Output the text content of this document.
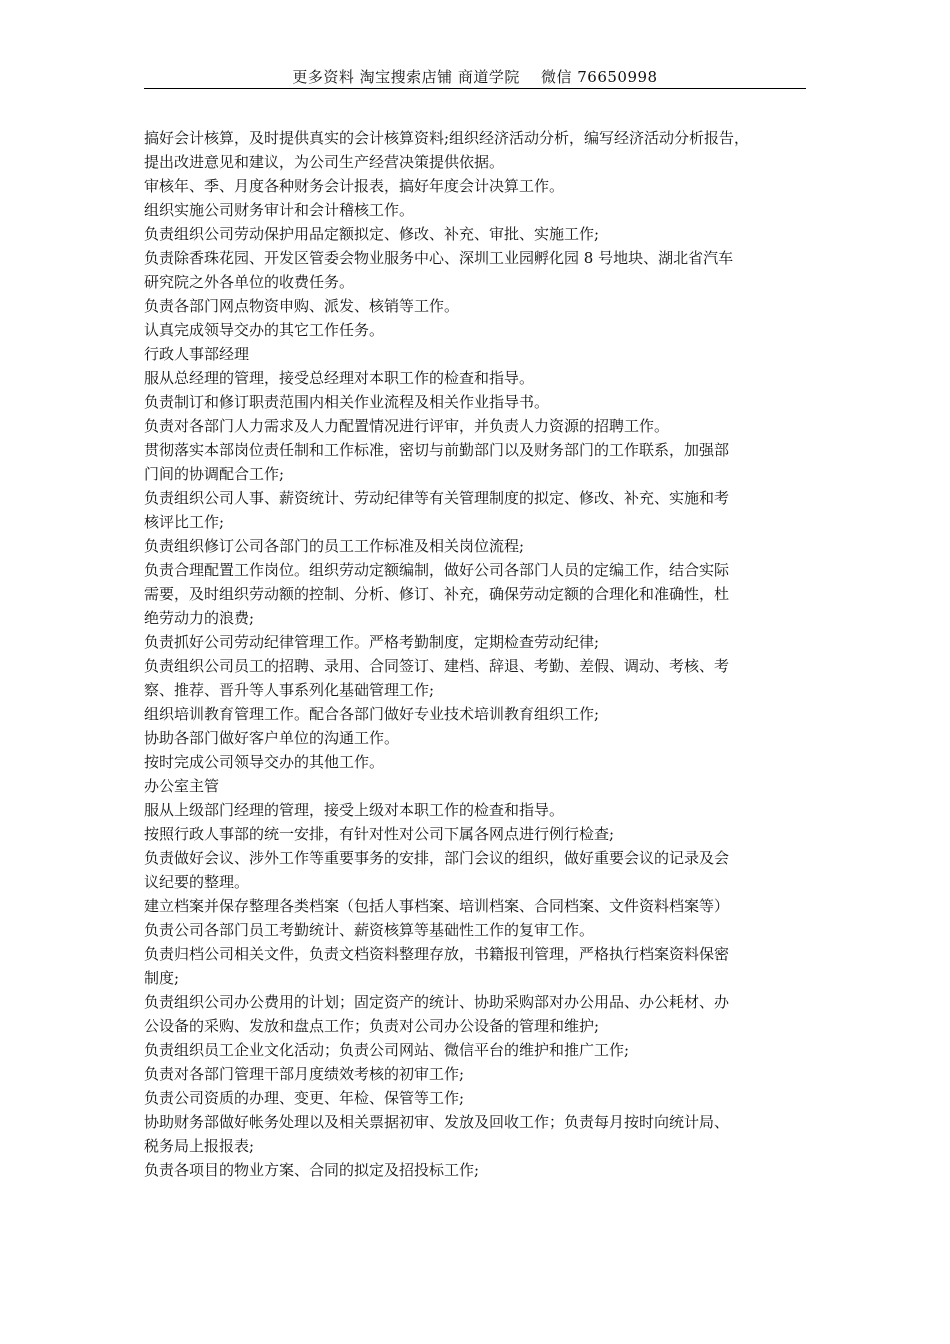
更多资料 淘宝搜索店铺 商道学院    微信 76650998
搞好会计核算，及时提供真实的会计核算资料;组织经济活动分析，编写经济活动分析报告，
提出改进意见和建议，为公司生产经营决策提供依据。
审核年、季、月度各种财务会计报表，搞好年度会计决算工作。
组织实施公司财务审计和会计稽核工作。
负责组织公司劳动保护用品定额拟定、修改、补充、审批、实施工作;
负责除香珠花园、开发区管委会物业服务中心、深圳工业园孵化园 8 号地块、湖北省汽车
研究院之外各单位的收费任务。
负责各部门网点物资申购、派发、核销等工作。
认真完成领导交办的其它工作任务。
行政人事部经理
服从总经理的管理，接受总经理对本职工作的检查和指导。
负责制订和修订职责范围内相关作业流程及相关作业指导书。
负责对各部门人力需求及人力配置情况进行评审，并负责人力资源的招聘工作。
贯彻落实本部岗位责任制和工作标准，密切与前勤部门以及财务部门的工作联系，加强部
门间的协调配合工作;
负责组织公司人事、薪资统计、劳动纪律等有关管理制度的拟定、修改、补充、实施和考
核评比工作;
负责组织修订公司各部门的员工工作标准及相关岗位流程;
负责合理配置工作岗位。组织劳动定额编制，做好公司各部门人员的定编工作，结合实际
需要，及时组织劳动额的控制、分析、修订、补充，确保劳动定额的合理化和准确性，杜
绝劳动力的浪费;
负责抓好公司劳动纪律管理工作。严格考勤制度，定期检查劳动纪律;
负责组织公司员工的招聘、录用、合同签订、建档、辞退、考勤、差假、调动、考核、考
察、推荐、晋升等人事系列化基础管理工作;
组织培训教育管理工作。配合各部门做好专业技术培训教育组织工作;
协助各部门做好客户单位的沟通工作。
按时完成公司领导交办的其他工作。
办公室主管
服从上级部门经理的管理，接受上级对本职工作的检查和指导。
按照行政人事部的统一安排，有针对性对公司下属各网点进行例行检查;
负责做好会议、涉外工作等重要事务的安排，部门会议的组织，做好重要会议的记录及会
议纪要的整理。
建立档案并保存整理各类档案（包括人事档案、培训档案、合同档案、文件资料档案等）
负责公司各部门员工考勤统计、薪资核算等基础性工作的复审工作。
负责归档公司相关文件，负责文档资料整理存放，书籍报刊管理，严格执行档案资料保密
制度;
负责组织公司办公费用的计划；固定资产的统计、协助采购部对办公用品、办公耗材、办
公设备的采购、发放和盘点工作；负责对公司办公设备的管理和维护;
负责组织员工企业文化活动；负责公司网站、微信平台的维护和推广工作;
负责对各部门管理干部月度绩效考核的初审工作;
负责公司资质的办理、变更、年检、保管等工作;
协助财务部做好帐务处理以及相关票据初审、发放及回收工作；负责每月按时向统计局、
税务局上报报表;
负责各项目的物业方案、合同的拟定及招投标工作;
